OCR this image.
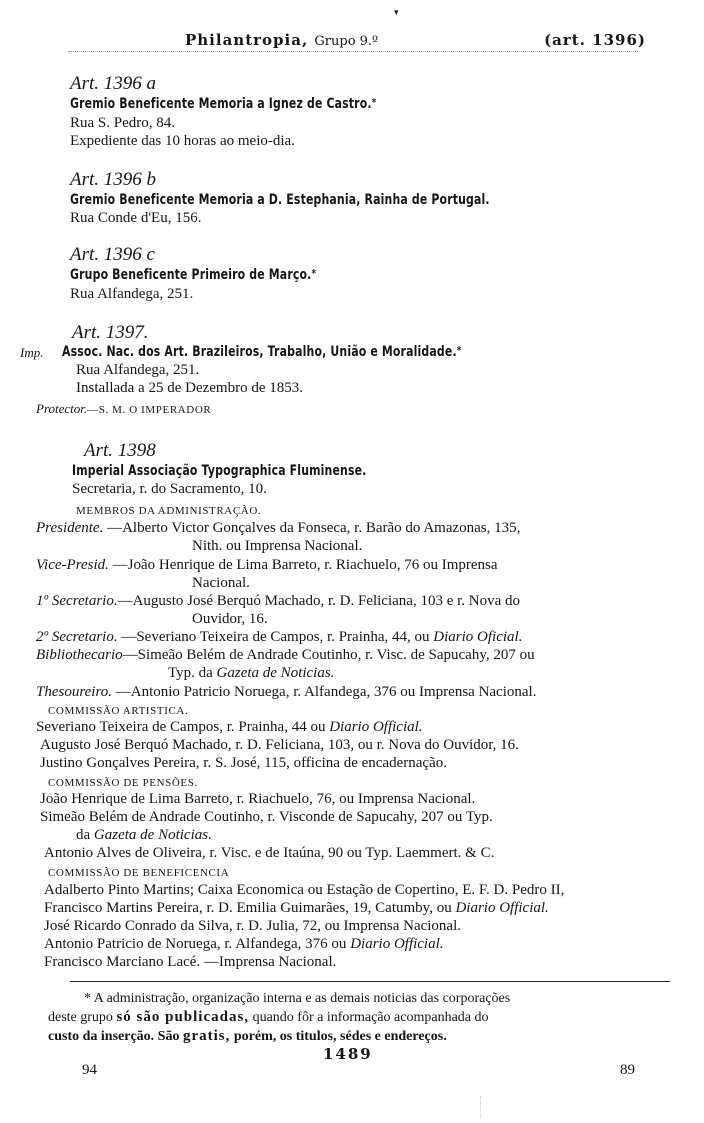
▾
Philantropia, Grupo 9.º	(art. 1396)
Art. 1396 a
Gremio Beneficente Memoria a Ignez de Castro.*
Rua S. Pedro, 84.
Expediente das 10 horas ao meio-dia.
Art. 1396 b
Gremio Beneficente Memoria a D. Estephania, Rainha de Portugal.
Rua Conde d'Eu, 156.
Art. 1396 c
Grupo Beneficente Primeiro de Março.*
Rua Alfandega, 251.
Art. 1397.
Imp. Assoc. Nac. dos Art. Brazileiros, Trabalho, União e Moralidade.*
Rua Alfandega, 251.
Installada a 25 de Dezembro de 1853.
Protector.—S. M. O IMPERADOR
Art. 1398
Imperial Associação Typographica Fluminense.
Secretaria, r. do Sacramento, 10.
MEMBROS DA ADMINISTRAÇÃO.
Presidente. —Alberto Victor Gonçalves da Fonseca, r. Barão do Amazonas, 135,
Nith. ou Imprensa Nacional.
Vice-Presid. —João Henrique de Lima Barreto, r. Riachuelo, 76 ou Imprensa
Nacional.
1º Secretario.—Augusto José Berquó Machado, r. D. Feliciana, 103 e r. Nova do
Ouvidor, 16.
2º Secretario. —Severiano Teixeira de Campos, r. Prainha, 44, ou Diario Oficial.
Bibliothecario—Simeão Belém de Andrade Coutinho, r. Visc. de Sapucahy, 207 ou
Typ. da Gazeta de Noticias.
Thesoureiro. —Antonio Patricio Noruega, r. Alfandega, 376 ou Imprensa Nacional.
COMMISSÃO ARTISTICA.
Severiano Teixeira de Campos, r. Prainha, 44 ou Diario Official.
Augusto José Berquó Machado, r. D. Feliciana, 103, ou r. Nova do Ouvidor, 16.
Justino Gonçalves Pereira, r. S. José, 115, officina de encadernação.
COMMISSÃO DE PENSÕES.
João Henrique de Lima Barreto, r. Riachuelo, 76, ou Imprensa Nacional.
Simeão Belém de Andrade Coutinho, r. Visconde de Sapucahy, 207 ou Typ.
da Gazeta de Noticias.
Antonio Alves de Oliveira, r. Visc. e de Itaúna, 90 ou Typ. Laemmert. & C.
COMMISSÃO DE BENEFICENCIA
Adalberto Pinto Martins; Caixa Economica ou Estação de Copertino, E. F. D. Pedro II,
Francisco Martins Pereira, r. D. Emilia Guimarães, 19, Catumby, ou Diario Official.
José Ricardo Conrado da Silva, r. D. Julia, 72, ou Imprensa Nacional.
Antonio Patricio de Noruega, r. Alfandega, 376 ou Diario Official.
Francisco Marciano Lacé. —Imprensa Nacional.
* A administração, organização interna e as demais noticias das corporações
deste grupo só são publicadas, quando fôr a informação acompanhada do
custo da inserção. São gratis, porém, os titulos, sédes e endereços.
1489
94	89
